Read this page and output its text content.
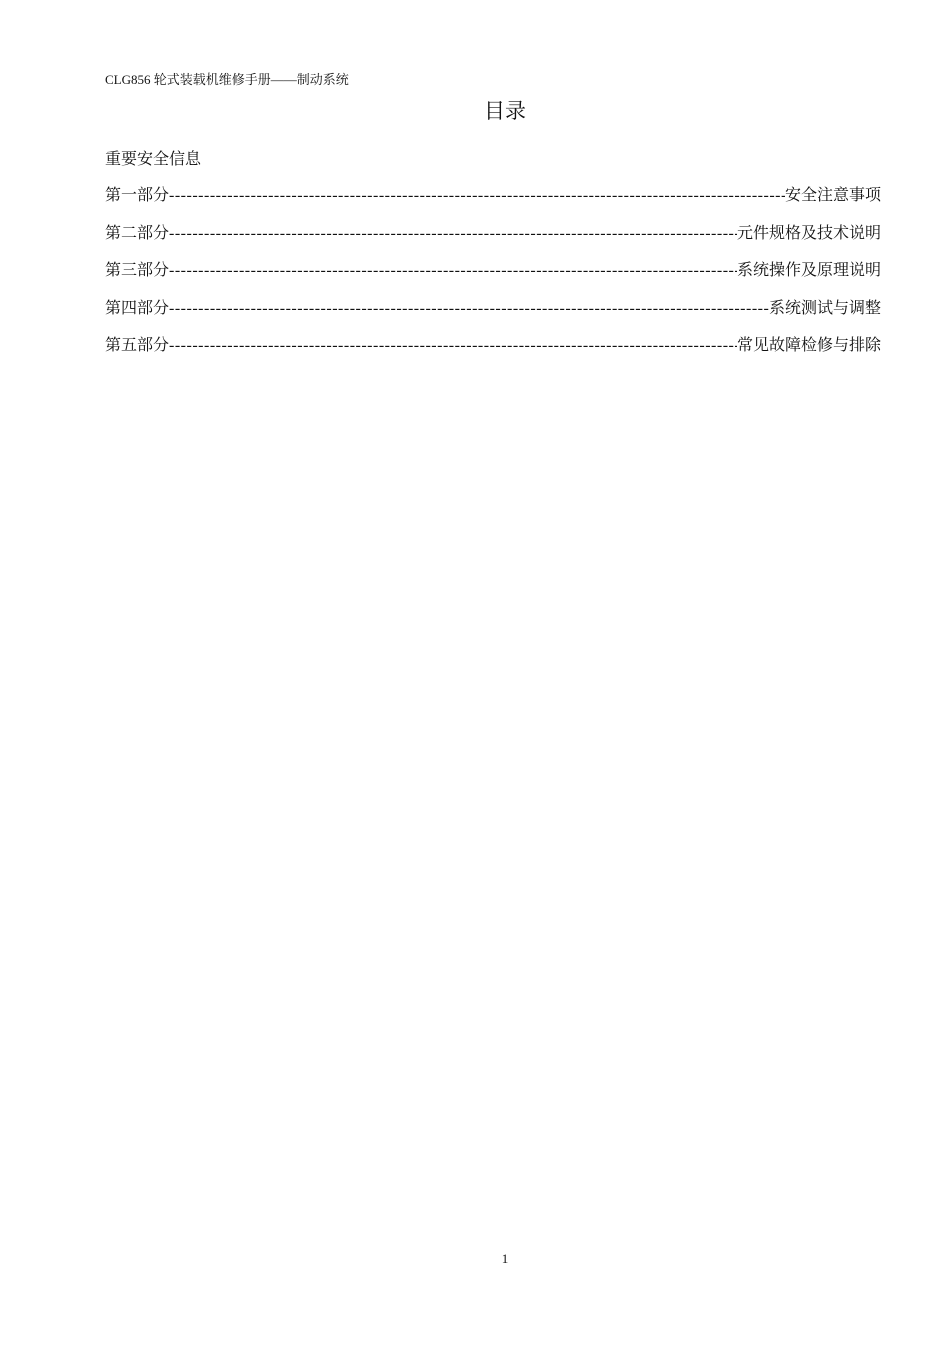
CLG856 轮式装载机维修手册——制动系统
目录
重要安全信息
第一部分 -----	安全注意事项
第二部分 -----	元件规格及技术说明
第三部分 -----	系统操作及原理说明
第四部分 -----	系统测试与调整
第五部分 -----	常见故障检修与排除
1
